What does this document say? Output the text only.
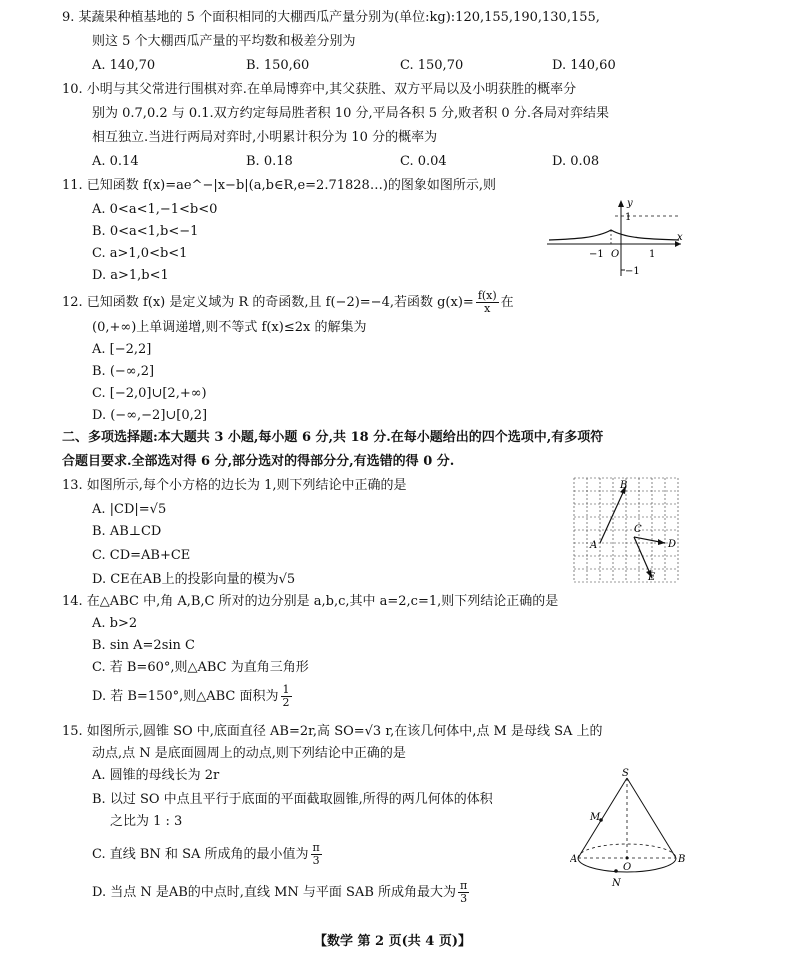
9. 某蔬果种植基地的 5 个面积相同的大棚西瓜产量分别为(单位:kg):120,155,190,130,155,
则这 5 个大棚西瓜产量的平均数和极差分别为
A. 140,70	B. 150,60	C. 150,70	D. 140,60
10. 小明与其父常进行围棋对弈.在单局博弈中,其父获胜、双方平局以及小明获胜的概率分
别为 0.7,0.2 与 0.1.双方约定每局胜者积 10 分,平局各积 5 分,败者积 0 分.各局对弈结果
相互独立.当进行两局对弈时,小明累计积分为 10 分的概率为
A. 0.14	B. 0.18	C. 0.04	D. 0.08
11. 已知函数 f(x)=ae^−|x−b|(a,b∈R,e=2.71828…)的图象如图所示,则
A. 0<a<1,−1<b<0
B. 0<a<1,b<−1
C. a>1,0<b<1
D. a>1,b<1
y
x
1
−1 O	1
−1
12. 已知函数 f(x) 是定义域为 R 的奇函数,且 f(−2)=−4,若函数 $g(x)= \frac{f(x)}{x}$ 在
(0,+∞)上单调递增,则不等式 f(x)≤2x 的解集为
A. [−2,2]
B. (−∞,2]
C. [−2,0]∪[2,+∞)
D. (−∞,−2]∪[0,2]
二、多项选择题:本大题共 3 小题,每小题 6 分,共 18 分.在每小题给出的四个选项中,有多项符
合题目要求.全部选对得 6 分,部分选对的得部分分,有选错的得 0 分.
13. 如图所示,每个小方格的边长为 1,则下列结论中正确的是
A. |CD|=√5
B. AB⊥CD
C. CD=AB+CE
D. CE在AB上的投影向量的模为√5
A
B
C
D
E
14. 在△ABC 中,角 A,B,C 所对的边分别是 a,b,c,其中 a=2,c=1,则下列结论正确的是
A. b>2
B. sin A=2sin C
C. 若 B=60°,则△ABC 为直角三角形
D. 若 B=150°,则△ABC 面积为 $\frac{1}{2}$
15. 如图所示,圆锥 SO 中,底面直径 AB=2r,高 SO=√3 r,在该几何体中,点 M 是母线 SA 上的
动点,点 N 是底面圆周上的动点,则下列结论中正确的是
A. 圆锥的母线长为 2r
B. 以过 SO 中点且平行于底面的平面截取圆锥,所得的两几何体的体积
之比为 1 : 3
C. 直线 BN 和 SA 所成角的最小值为 $\frac{\pi}{3}$
D. 当点 N 是AB的中点时,直线 MN 与平面 SAB 所成角最大为 $\frac{\pi}{3}$
S
M
A
O
B
N
【数学 第 2 页(共 4 页)】
